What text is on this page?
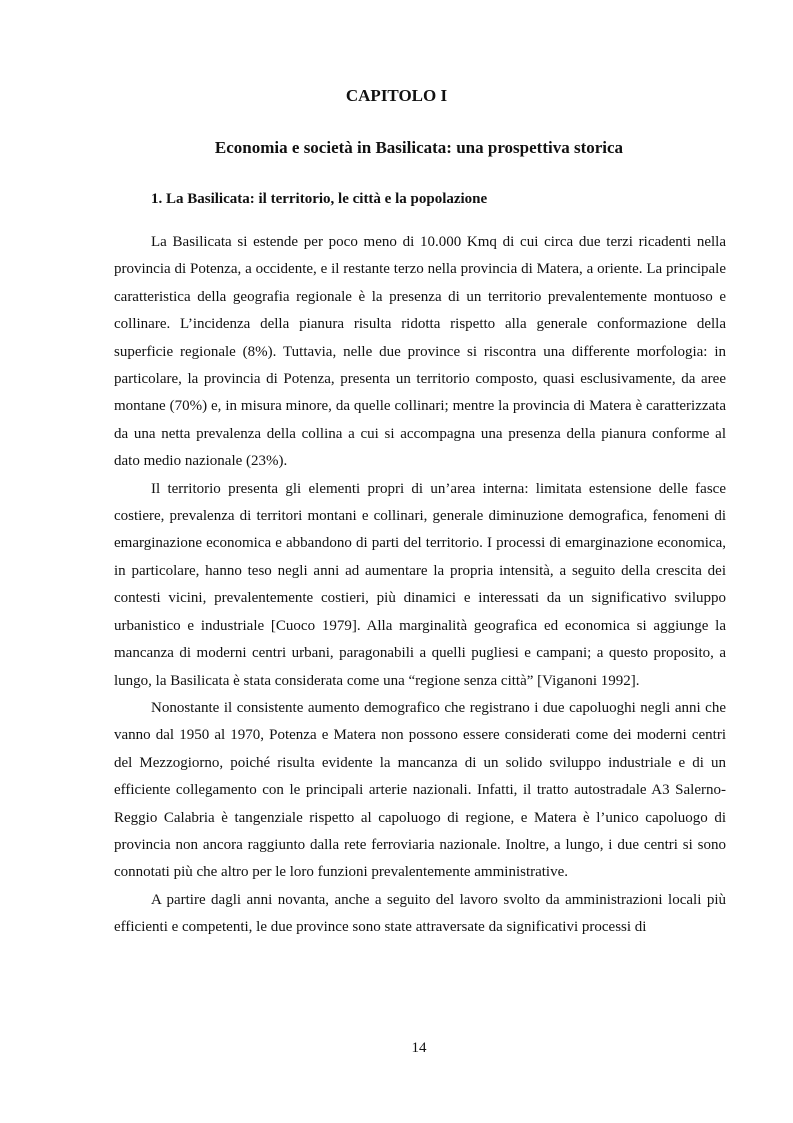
CAPITOLO I
Economia e società in Basilicata: una prospettiva storica
1. La Basilicata: il territorio, le città e la popolazione

La Basilicata si estende per poco meno di 10.000 Kmq di cui circa due terzi ricadenti nella provincia di Potenza, a occidente, e il restante terzo nella provincia di Matera, a oriente. La principale caratteristica della geografia regionale è la presenza di un territorio prevalentemente montuoso e collinare. L’incidenza della pianura risulta ridotta rispetto alla generale conformazione della superficie regionale (8%). Tuttavia, nelle due province si riscontra una differente morfologia: in particolare, la provincia di Potenza, presenta un territorio composto, quasi esclusivamente, da aree montane (70%) e, in misura minore, da quelle collinari; mentre la provincia di Matera è caratterizzata da una netta prevalenza della collina a cui si accompagna una presenza della pianura conforme al dato medio nazionale (23%).

Il territorio presenta gli elementi propri di un’area interna: limitata estensione delle fasce costiere, prevalenza di territori montani e collinari, generale diminuzione demografica, fenomeni di emarginazione economica e abbandono di parti del territorio. I processi di emarginazione economica, in particolare, hanno teso negli anni ad aumentare la propria intensità, a seguito della crescita dei contesti vicini, prevalentemente costieri, più dinamici e interessati da un significativo sviluppo urbanistico e industriale [Cuoco 1979]. Alla marginalità geografica ed economica si aggiunge la mancanza di moderni centri urbani, paragonabili a quelli pugliesi e campani; a questo proposito, a lungo, la Basilicata è stata considerata come una “regione senza città” [Viganoni 1992].

Nonostante il consistente aumento demografico che registrano i due capoluoghi negli anni che vanno dal 1950 al 1970, Potenza e Matera non possono essere considerati come dei moderni centri del Mezzogiorno, poiché risulta evidente la mancanza di un solido sviluppo industriale e di un efficiente collegamento con le principali arterie nazionali. Infatti, il tratto autostradale A3 Salerno-Reggio Calabria è tangenziale rispetto al capoluogo di regione, e Matera è l’unico capoluogo di provincia non ancora raggiunto dalla rete ferroviaria nazionale. Inoltre, a lungo, i due centri si sono connotati più che altro per le loro funzioni prevalentemente amministrative.

A partire dagli anni novanta, anche a seguito del lavoro svolto da amministrazioni locali più efficienti e competenti, le due province sono state attraversate da significativi processi di

14
